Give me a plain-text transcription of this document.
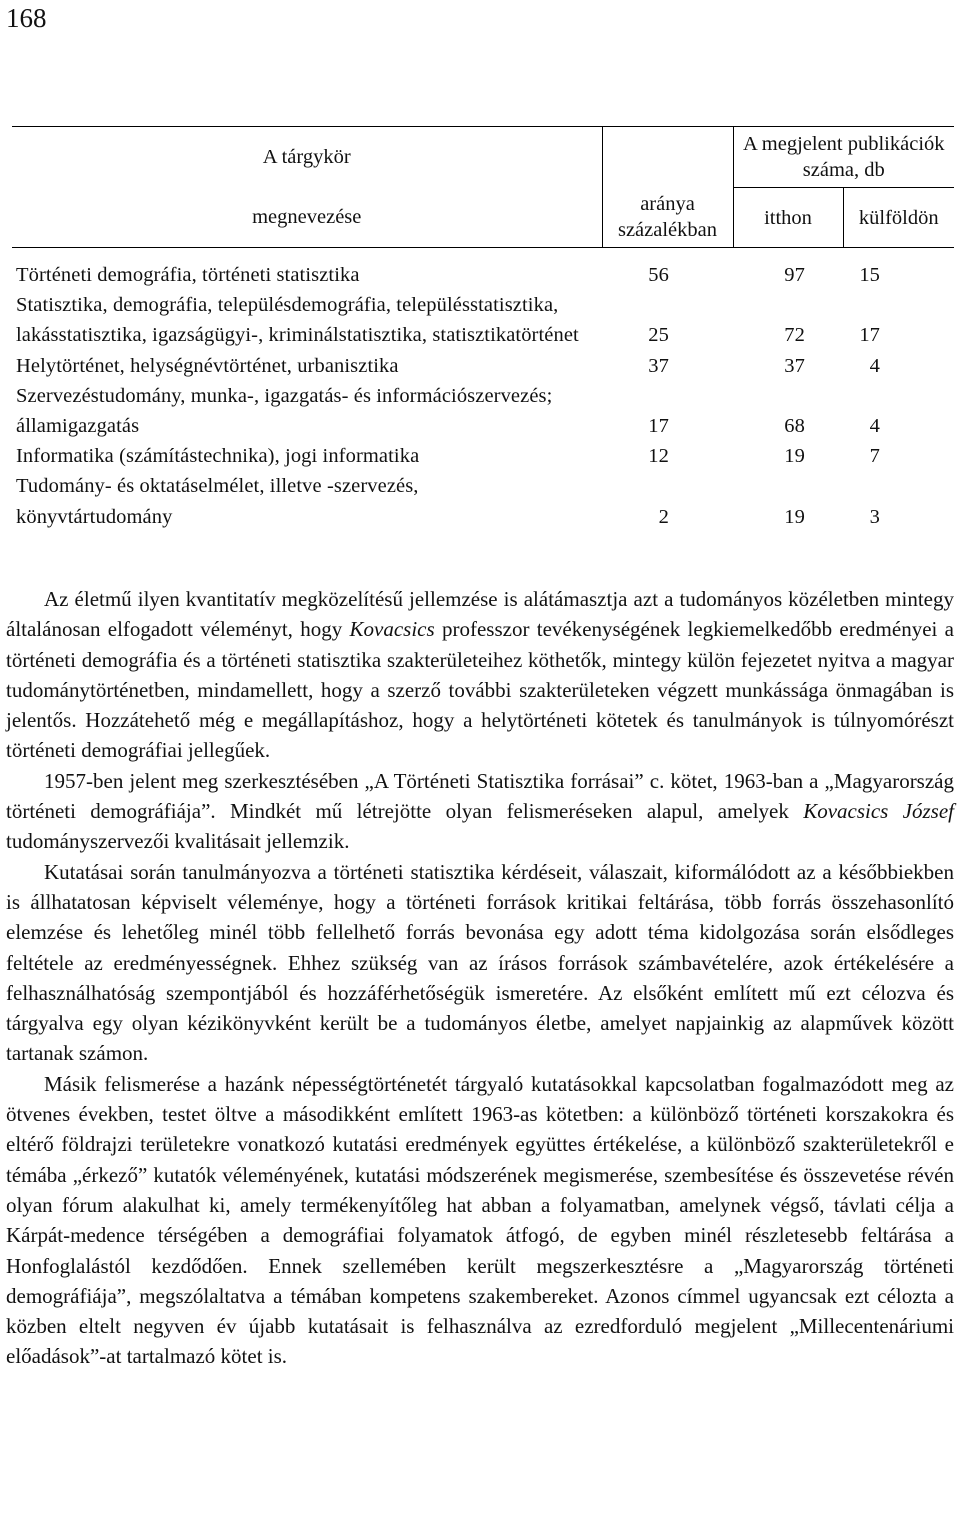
168
A tárgykör		A megjelent publikációk száma, db	
megnevezése	aránya százalékban	itthon	külföldön
Történeti demográfia, történeti statisztika	56	97	15
Statisztika, demográfia, településdemográfia, településstatisztika, lakásstatisztika, igazságügyi-, kriminálstatisztika, statisztikatörténet	25	72	17
Helytörténet, helységnévtörténet, urbanisztika	37	37	4
Szervezéstudomány, munka-, igazgatás- és információszervezés; államigazgatás	17	68	4
Informatika (számítástechnika), jogi informatika	12	19	7
Tudomány- és oktatáselmélet, illetve -szervezés, könyvtártudomány	2	19	3

Az életmű ilyen kvantitatív megközelítésű jellemzése is alátámasztja azt a tudományos közéletben mintegy általánosan elfogadott véleményt, hogy Kovacsics professzor tevékenységének legkiemelkedőbb eredményei a történeti demográfia és a történeti statisztika szakterületeihez köthetők, mintegy külön fejezetet nyitva a magyar tudománytörténetben, mindamellett, hogy a szerző további szakterületeken végzett munkássága önmagában is jelentős. Hozzátehető még e megállapításhoz, hogy a helytörténeti kötetek és tanulmányok is túlnyomórészt történeti demográfiai jellegűek.

1957-ben jelent meg szerkesztésében „A Történeti Statisztika forrásai” c. kötet, 1963-ban a „Magyarország történeti demográfiája”. Mindkét mű létrejötte olyan felismeréseken alapul, amelyek Kovacsics József tudományszervezői kvalitásait jellemzik.

Kutatásai során tanulmányozva a történeti statisztika kérdéseit, válaszait, kiformálódott az a későbbiekben is állhatatosan képviselt véleménye, hogy a történeti források kritikai feltárása, több forrás összehasonlító elemzése és lehetőleg minél több fellelhető forrás bevonása egy adott téma kidolgozása során elsődleges feltétele az eredményességnek. Ehhez szükség van az írásos források számbavételére, azok értékelésére a felhasználhatóság szempontjából és hozzáférhetőségük ismeretére. Az elsőként említett mű ezt célozva és tárgyalva egy olyan kézikönyvként került be a tudományos életbe, amelyet napjainkig az alapművek között tartanak számon.

Másik felismerése a hazánk népességtörténetét tárgyaló kutatásokkal kapcsolatban fogalmazódott meg az ötvenes években, testet öltve a másodikként említett 1963-as kötetben: a különböző történeti korszakokra és eltérő földrajzi területekre vonatkozó kutatási eredmények együttes értékelése, a különböző szakterületekről e témába „érkező” kutatók véleményének, kutatási módszerének megismerése, szembesítése és összevetése révén olyan fórum alakulhat ki, amely termékenyítőleg hat abban a folyamatban, amelynek végső, távlati célja a Kárpát-medence térségében a demográfiai folyamatok átfogó, de egyben minél részletesebb feltárása a Honfoglalástól kezdődően. Ennek szellemében került megszerkesztésre a „Magyarország történeti demográfiája”, megszólaltatva a témában kompetens szakembereket. Azonos címmel ugyancsak ezt célozta a közben eltelt negyven év újabb kutatásait is felhasználva az ezredforduló megjelent „Millecentenáriumi előadások”-at tartalmazó kötet is.
